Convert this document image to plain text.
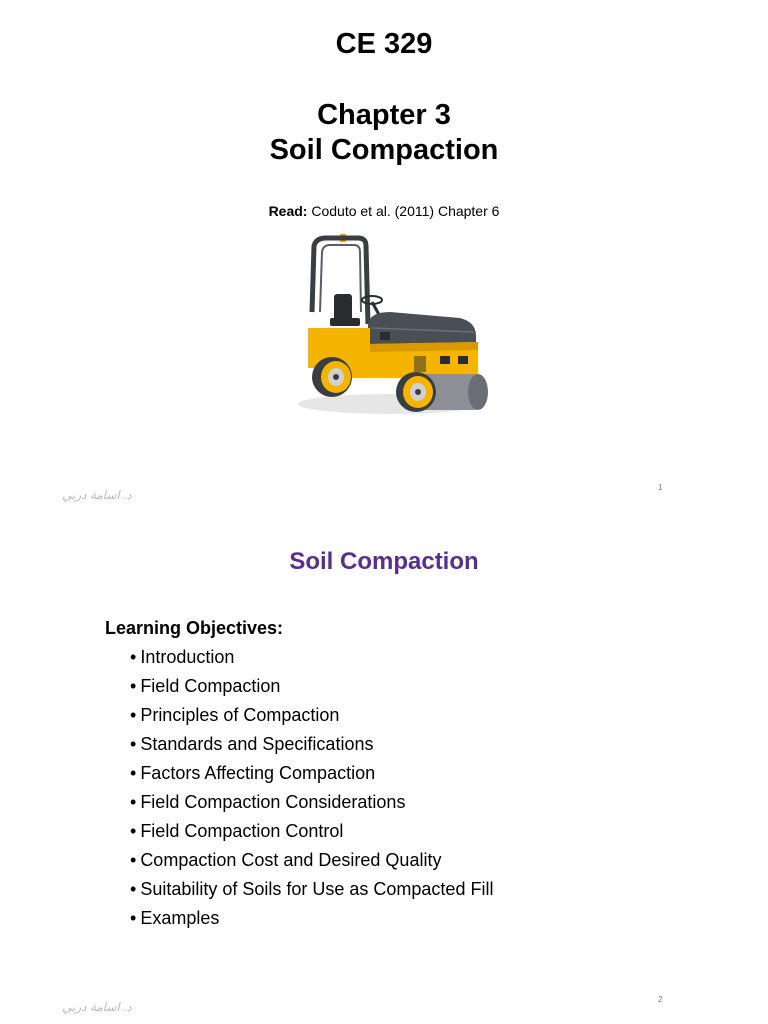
CE 329
Chapter 3
Soil Compaction
Read: Coduto et al. (2011) Chapter 6
د. اسامة دربي
1
Soil Compaction
Learning Objectives:
• Introduction
• Field Compaction
• Principles of Compaction
• Standards and Specifications
• Factors Affecting Compaction
• Field Compaction Considerations
• Field Compaction Control
• Compaction Cost and Desired Quality
• Suitability of Soils for Use as Compacted Fill
• Examples
د. اسامة دربي
2
